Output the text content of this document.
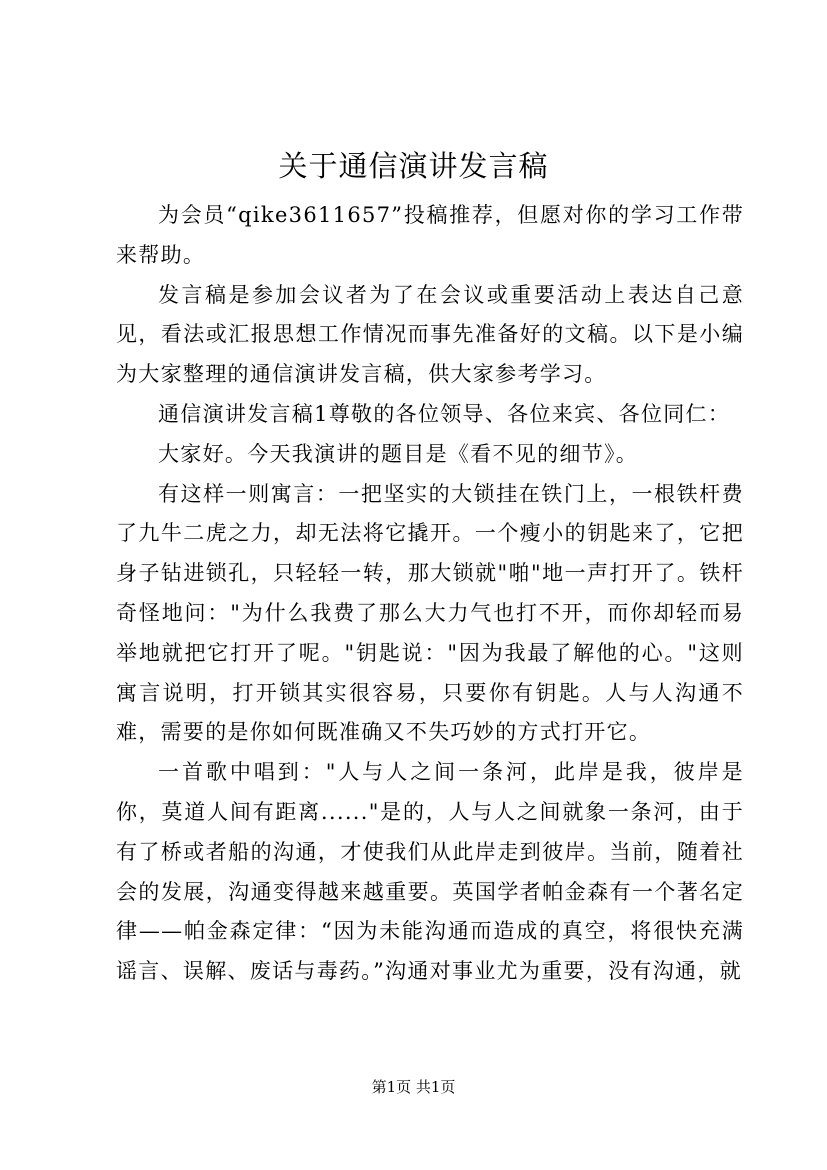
关于通信演讲发言稿

为会员“qike3611657”投稿推荐，但愿对你的学习工作带来帮助。

发言稿是参加会议者为了在会议或重要活动上表达自己意见，看法或汇报思想工作情况而事先准备好的文稿。以下是小编为大家整理的通信演讲发言稿，供大家参考学习。

通信演讲发言稿1尊敬的各位领导、各位来宾、各位同仁：

大家好。今天我演讲的题目是《看不见的细节》。

有这样一则寓言：一把坚实的大锁挂在铁门上，一根铁杆费了九牛二虎之力，却无法将它撬开。一个瘦小的钥匙来了，它把身子钻进锁孔，只轻轻一转，那大锁就"啪"地一声打开了。铁杆奇怪地问："为什么我费了那么大力气也打不开，而你却轻而易举地就把它打开了呢。"钥匙说："因为我最了解他的心。"这则寓言说明，打开锁其实很容易，只要你有钥匙。人与人沟通不难，需要的是你如何既准确又不失巧妙的方式打开它。

一首歌中唱到："人与人之间一条河，此岸是我，彼岸是你，莫道人间有距离......"是的，人与人之间就象一条河，由于有了桥或者船的沟通，才使我们从此岸走到彼岸。当前，随着社会的发展，沟通变得越来越重要。英国学者帕金森有一个著名定律——帕金森定律：“因为未能沟通而造成的真空，将很快充满谣言、误解、废话与毒药。”沟通对事业尤为重要，没有沟通，就

第1页 共1页
